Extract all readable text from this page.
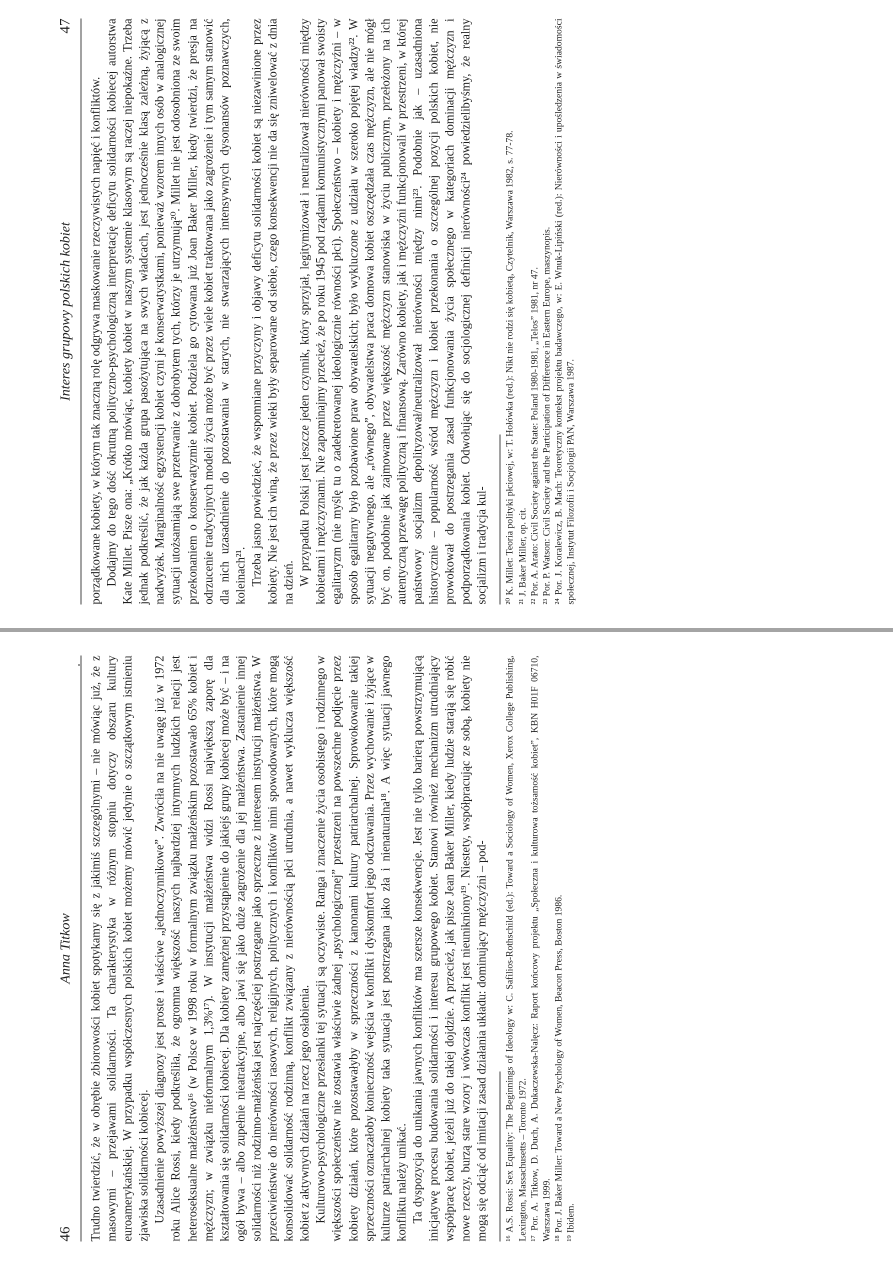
46
Anna Titkow Trudno twierdzić, że w obrębie zbiorowości kobiet spotykamy się z jakimiś szczególnymi – nie mówiąc już, że z masowymi – przejawami solidarności. Ta charakterystyka w różnym stopniu dotyczy obszaru kultury euroamerykańskiej. W przypadku współczesnych polskich kobiet możemy mówić jedynie o szczątkowym istnieniu zjawiska solidarności kobiecej. Uzasadnienie powyższej diagnozy jest proste i właściwe „jednoczynnikowe”. Zwróciła na nie uwagę już w 1972 roku Alice Rossi, kiedy podkreśliła, że ogromna większość naszych najbardziej intymnych ludzkich relacji jest heteroseksualne małżeństwo¹⁶ (w Polsce w 1998 roku w formalnym związku małżeńskim pozostawało 65% kobiet i mężczyzn; w związku nieformalnym 1,3%¹⁷). W instytucji małżeństwa widzi Rossi największą zaporę dla kształtowania się solidarności kobiecej. Dla kobiety zamężnej przystąpienie do jakiejś grupy kobiecej może być – i na ogół bywa – albo zupełnie nieatrakcyjne, albo jawi się jako duże zagrożenie dla jej małżeństwa. Zastanienie innej solidarności niż rodzinno-małżeńska jest najczęściej postrzegane jako sprzeczne z interesem instytucji małżeństwa. W przeciwieństwie do nierówności rasowych, religijnych, politycznych i konfliktów nimi spowodowanych, które mogą konsolidować solidarność rodzinną, konflikt związany z nierównością płci utrudnia, a nawet wyklucza większość kobiet z aktywnych działań na rzecz jego osłabienia. Kulturowo-psychologiczne przesłanki tej sytuacji są oczywiste. Ranga i znaczenie życia osobistego i rodzinnego w większości społeczeństw nie zostawia właściwie żadnej „psychologicznej” przestrzeni na powszechne podjęcie przez kobiety działań, które pozostawałyby w sprzeczności z kanonami kultury patriarchalnej. Sprowokowanie takiej sprzeczności oznaczałoby konieczność wejścia w konflikt i dyskomfort jego odczuwania. Przez wychowanie i żyjące w kulturze patriarchalnej kobiety taka sytuacja jest postrzegana jako zła i nienaturalna¹⁸. A więc sytuacji jawnego konfliktu należy unikać. Ta dyspozycja do unikania jawnych konfliktów ma szersze konsekwencje. Jest nie tylko barierą powstrzymującą inicjatywę procesu budowania solidarności i interesu grupowego kobiet. Stanowi również mechanizm utrudniający współpracę kobiet, jeżeli już do takiej dojdzie. A przecież, jak pisze Jean Baker Miller, kiedy ludzie starają się robić nowe rzeczy, burzą stare wzory i wówczas konflikt jest nieunikniony¹⁹. Niestety, współpracując ze sobą, kobiety nie mogą się odciąć od imitacji zasad działania układu: dominujący mężczyźni – pod- ¹⁶ A.S. Rossi: Sex Equality: The Beginnings of Ideology w: C. Safilios-Rothschild (ed.): Toward a Sociology of Women, Xerox College Publishing, Lexington, Massachusetts – Toronto 1972. ¹⁷ Por. A. Titkow, D. Duch, A. Dukaczewska-Nalęcz: Raport końcowy projektu „Społeczna i kulturowa tożsamość kobiet”, KBN H01F 06710, Warszawa 1999. ¹⁸ Por. J. Baker Miller: Toward a New Psychology of Women, Beacon Press, Boston 1986. ¹⁹ Ibidem.

Interes grupowy polskich kobiet
47

porządkowane kobiety, w którym tak znaczną rolę odgrywa maskowanie rzeczywistych napięć i konfliktów. Dodajmy do tego dość okrutną polityczno-psychologiczną interpretację deficytu solidarności kobiecej autorstwa Kate Millet. Pisze ona: „Krótko mówiąc, kobiety kobiet w naszym systemie klasowym są raczej niepokaźne. Trzeba jednak podkreślić, że jak każda grupa pasożytująca na swych władcach, jest jednocześnie klasą zależną, żyjącą z nadwyżek. Marginalność egzystencji kobiet czyni je konserwatystkami, ponieważ wzorem innych osób w analogicznej sytuacji utożsamiają swe przetrwanie z dobrobytem tych, którzy je utrzymują²⁰. Millet nie jest odosobniona ze swoim przekonaniem o konserwatyzmie kobiet. Podziela go cytowana już Joan Baker Miller, kiedy twierdzi, że presja na odrzucenie tradycyjnych modeli życia może być przez wiele kobiet traktowana jako zagrożenie i tym samym stanowić dla nich uzasadnienie do pozostawania w starych, nie stwarzających intensywnych dysonansów poznawczych, koleinach²¹. Trzeba jasno powiedzieć, że wspomniane przyczyny i objawy deficytu solidarności kobiet są niezawinione przez kobiety. Nie jest ich winą, że przez wieki były separowane od siebie, czego konsekwencji nie da się zniwelować z dnia na dzień. W przypadku Polski jest jeszcze jeden czynnik, który sprzyjał, legitymizował i neutralizował nierówności między kobietami i mężczyznami. Nie zapominajmy przecież, że po roku 1945 pod rządami komunistycznymi panował swoisty egalitaryzm (nie myślę tu o zadekretowanej ideologicznie równości płci). Społeczeństwo – kobiety i mężczyźni – w sposób egalitarny było pozbawione praw obywatelskich; było wykluczone z udziału w szeroko pojętej władzy²². W sytuacji negatywnego, ale „równego”, obywatelstwa praca domowa kobiet oszczędzała czas mężczyzn, ale nie mógł być on, podobnie jak zajmowane przez większość mężczyzn stanowiska w życiu publicznym, przełożony na ich autentyczną przewagę polityczną i finansową. Zarówno kobiety, jak i mężczyźni funkcjonowali w przestrzeni, w której państwowy socjalizm depolityzował/neutralizował nierówności między nimi²³. Podobnie jak – uzasadniona historycznie – popularność wśród mężczyzn i kobiet przekonania o szczególnej pozycji polskich kobiet, nie prowokował do postrzegania zasad funkcjonowania życia społecznego w kategoriach dominacji mężczyzn i podporządkowania kobiet. Odwołując się do socjologicznej definicji nierówności²⁴ powiedzielibyśmy, że realny socjalizm i tradycja kul- ²⁰ K. Millet: Teoria polityki płciowej, w: T. Hołówka (red.): Nikt nie rodzi się kobietą, Czytelnik, Warszawa 1982, s. 77-78. ²¹ J. Baker Miller, op. cit. ²² Por. A. Arato: Civil Society against the State: Poland 1980-1981, „Telos” 1981, nr 47. ²³ Por. P. Watson: Civil Society and the Participation of Difference in Eastern Europe, maszynopis. ²⁴ Por. J. Koralewicz, B. Mach: Teoretyczny kontekst projektu badawczego, w: E. Wnuk-Lipiński (red.): Nierówności i upośledzenia w świadomości społecznej, Instytut Filozofii i Socjologii PAN, Warszawa 1987.
